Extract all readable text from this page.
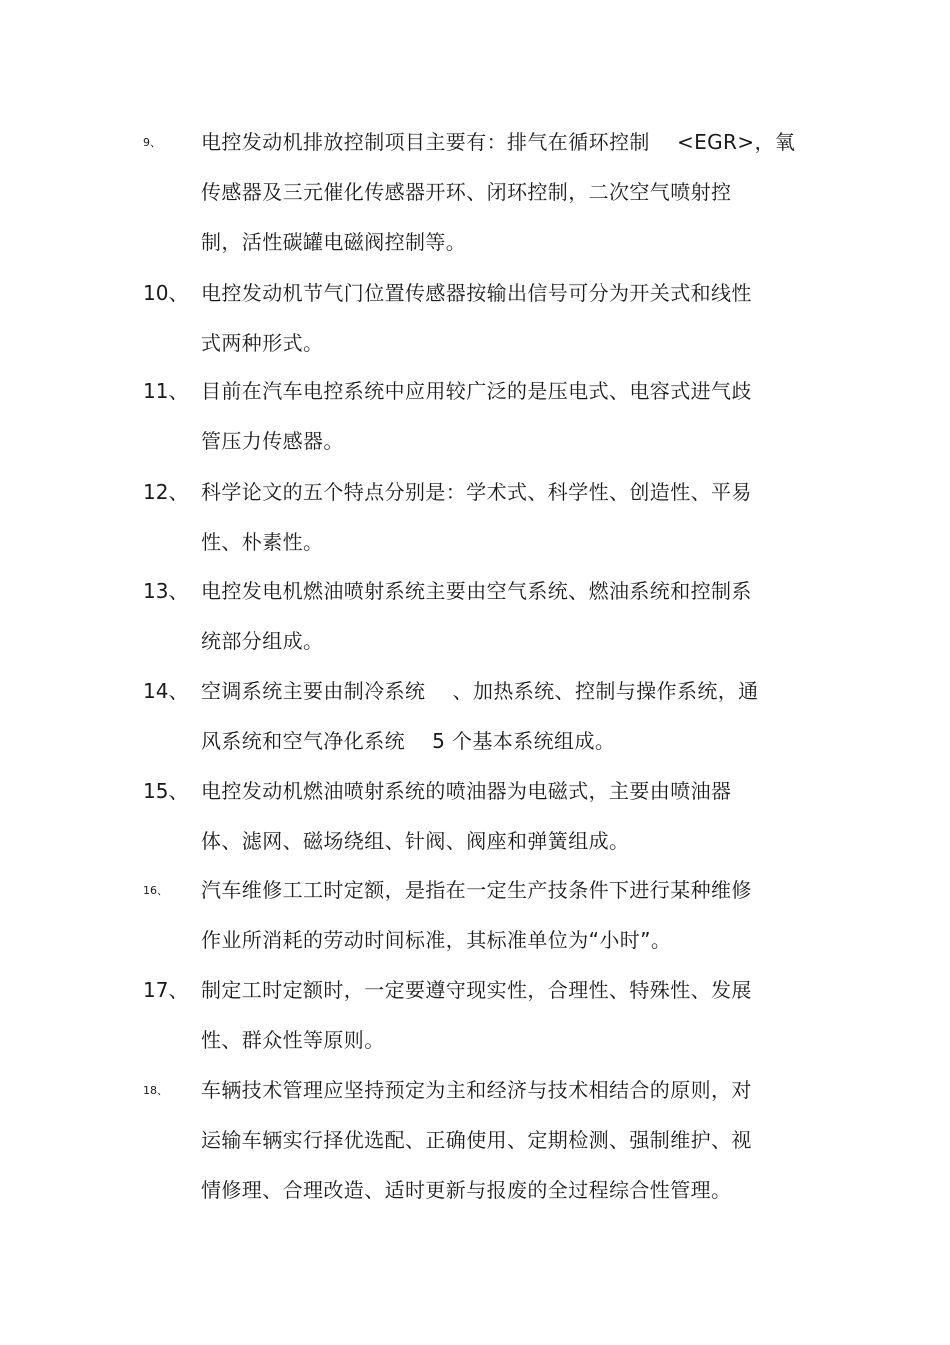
9、 电控发动机排放控制项目主要有：排气在循环控制 　<EGR>，氧
传感器及三元催化传感器开环、闭环控制，二次空气喷射控
制，活性碳罐电磁阀控制等。
10、 电控发动机节气门位置传感器按输出信号可分为开关式和线性
式两种形式。
11、 目前在汽车电控系统中应用较广泛的是压电式、电容式进气歧
管压力传感器。
12、 科学论文的五个特点分别是：学术式、科学性、创造性、平易
性、朴素性。
13、 电控发电机燃油喷射系统主要由空气系统、燃油系统和控制系
统部分组成。
14、 空调系统主要由制冷系统 　、加热系统、控制与操作系统，通
风系统和空气净化系统 　5 个基本系统组成。
15、 电控发动机燃油喷射系统的喷油器为电磁式，主要由喷油器
体、滤网、磁场绕组、针阀、阀座和弹簧组成。
16、 汽车维修工工时定额，是指在一定生产技条件下进行某种维修
作业所消耗的劳动时间标准，其标准单位为“小时”。
17、 制定工时定额时，一定要遵守现实性，合理性、特殊性、发展
性、群众性等原则。
18、 车辆技术管理应坚持预定为主和经济与技术相结合的原则，对
运输车辆实行择优选配、正确使用、定期检测、强制维护、视
情修理、合理改造、适时更新与报废的全过程综合性管理。
